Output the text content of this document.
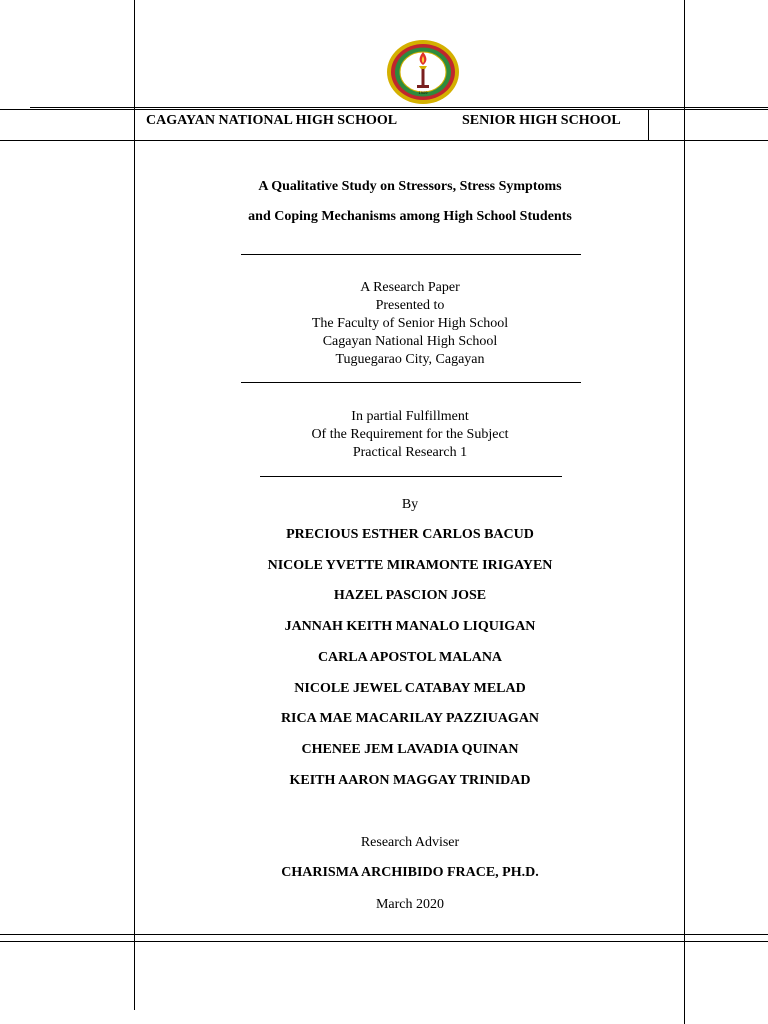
1909
CAGAYAN NATIONAL HIGH SCHOOL	SENIOR HIGH SCHOOL
A Qualitative Study on Stressors, Stress Symptoms
and Coping Mechanisms among High School Students
A Research Paper
Presented to
The Faculty of Senior High School
Cagayan National High School
Tuguegarao City, Cagayan
In partial Fulfillment
Of the Requirement for the Subject
Practical Research 1
By
PRECIOUS ESTHER CARLOS BACUD
NICOLE YVETTE MIRAMONTE IRIGAYEN
HAZEL PASCION JOSE
JANNAH KEITH MANALO LIQUIGAN
CARLA APOSTOL MALANA
NICOLE JEWEL CATABAY MELAD
RICA MAE MACARILAY PAZZIUAGAN
CHENEE JEM LAVADIA QUINAN
KEITH AARON MAGGAY TRINIDAD
Research Adviser
CHARISMA ARCHIBIDO FRACE, PH.D.
March 2020
